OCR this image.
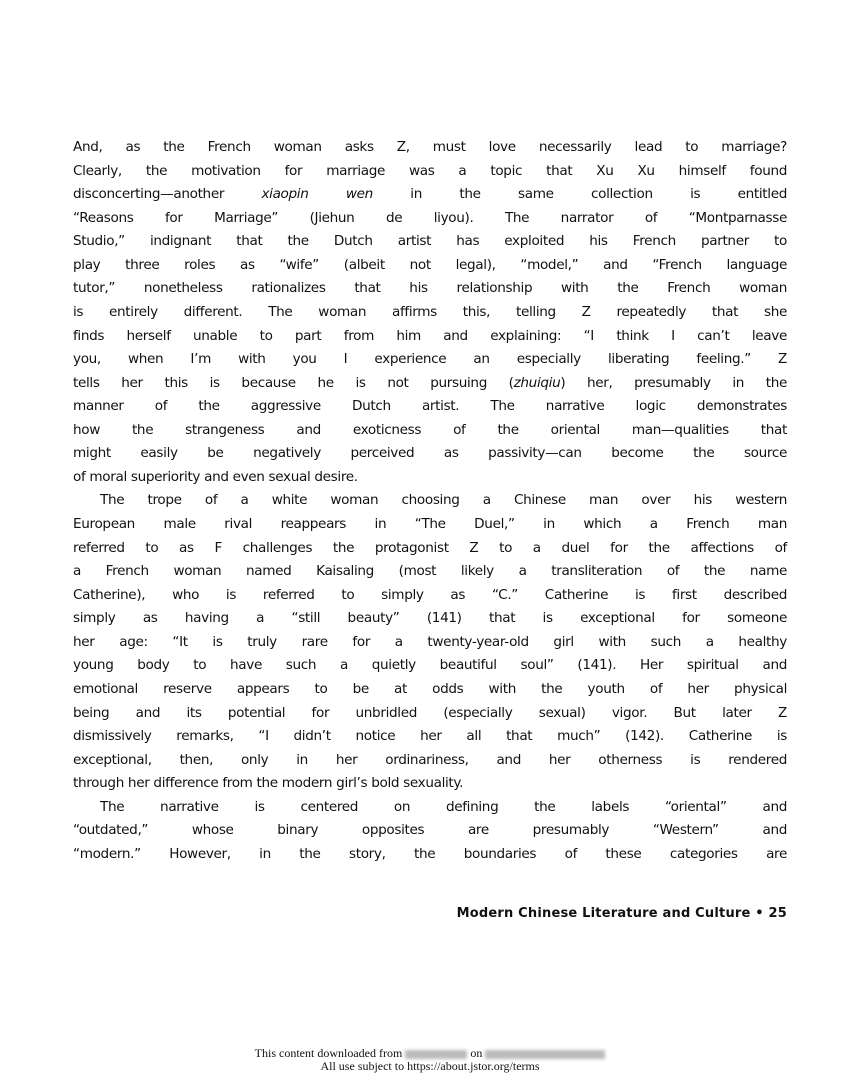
And, as the French woman asks Z, must love necessarily lead to marriage?
Clearly, the motivation for marriage was a topic that Xu Xu himself found
disconcerting—another xiaopin wen in the same collection is entitled
“Reasons for Marriage” (Jiehun de liyou). The narrator of “Montparnasse
Studio,” indignant that the Dutch artist has exploited his French partner to
play three roles as “wife” (albeit not legal), “model,” and “French language
tutor,” nonetheless rationalizes that his relationship with the French woman
is entirely different. The woman affirms this, telling Z repeatedly that she
finds herself unable to part from him and explaining: “I think I can’t leave
you, when I’m with you I experience an especially liberating feeling.” Z
tells her this is because he is not pursuing (zhuiqiu) her, presumably in the
manner of the aggressive Dutch artist. The narrative logic demonstrates
how the strangeness and exoticness of the oriental man—qualities that
might easily be negatively perceived as passivity—can become the source
of moral superiority and even sexual desire.
The trope of a white woman choosing a Chinese man over his western
European male rival reappears in “The Duel,” in which a French man
referred to as F challenges the protagonist Z to a duel for the affections of
a French woman named Kaisaling (most likely a transliteration of the name
Catherine), who is referred to simply as “C.” Catherine is first described
simply as having a “still beauty” (141) that is exceptional for someone
her age: “It is truly rare for a twenty-year-old girl with such a healthy
young body to have such a quietly beautiful soul” (141). Her spiritual and
emotional reserve appears to be at odds with the youth of her physical
being and its potential for unbridled (especially sexual) vigor. But later Z
dismissively remarks, “I didn’t notice her all that much” (142). Catherine is
exceptional, then, only in her ordinariness, and her otherness is rendered
through her difference from the modern girl’s bold sexuality.
The narrative is centered on defining the labels “oriental” and
“outdated,” whose binary opposites are presumably “Western” and
“modern.” However, in the story, the boundaries of these categories are
Modern Chinese Literature and Culture • 25
This content downloaded from	on
All use subject to https://about.jstor.org/terms
